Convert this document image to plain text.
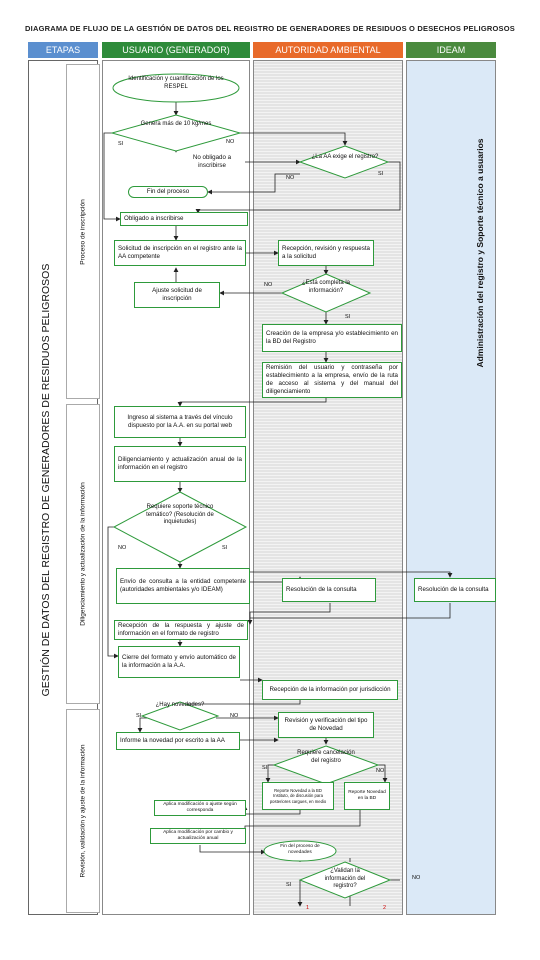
DIAGRAMA DE FLUJO DE LA GESTIÓN DE DATOS DEL REGISTRO DE GENERADORES DE RESIDUOS O DESECHOS PELIGROSOS
ETAPAS	USUARIO (GENERADOR)	AUTORIDAD AMBIENTAL	IDEAM
GESTIÓN DE DATOS DEL REGISTRO DE GENERADORES DE RESIDUOS PELIGROSOS
Proceso de inscripción
Diligenciamiento y actualización de la información
Revisión, validación y ajuste de la información
Administración del registro y Soporte técnico a usuarios
Identificación y cuantificación de los RESPEL
Genera más de 10 kg/mes
No obligado a inscribirse
¿La AA exige el registro?
Fin del proceso
Obligado a inscribirse
Solicitud de inscripción en el registro ante la AA competente
Recepción, revisión y respuesta a la solicitud
¿Está completa la información?
Ajuste solicitud de inscripción
Creación de la empresa y/o establecimiento en la BD del Registro
Remisión del usuario y contraseña por establecimiento a la empresa, envío de la ruta de acceso al sistema y del manual del diligenciamiento
Ingreso al sistema a través del vínculo dispuesto por la A.A. en su portal web
Diligenciamiento y actualización anual de la información en el registro
Requiere soporte técnico temático? (Resolución de inquietudes)
Envío de consulta a la entidad competente (autoridades ambientales y/o IDEAM)	Resolución de la consulta	Resolución de la consulta
Recepción de la respuesta y ajuste de información en el formato de registro
Cierre del formato y envío automático de la información a la A.A.
Recepción de la información por jurisdicción
¿Hay novedades?
Informe la novedad por escrito a la AA
Revisión y verificación del tipo de Novedad
Requiere cancelación del registro
Reporte Novedad a la BD Instituto, de discusión para posteriores cargues, en medio
Reporte Novedad en la BD
Aplica modificación o ajuste según corresponda
Aplica modificación por cambio y actualización anual
Fin del proceso de novedades
¿Validan la información del registro?
SI	NO
NO
SI
NO
SI
NO	SI
SI	NO
SI	NO
SI
NO
1	2
